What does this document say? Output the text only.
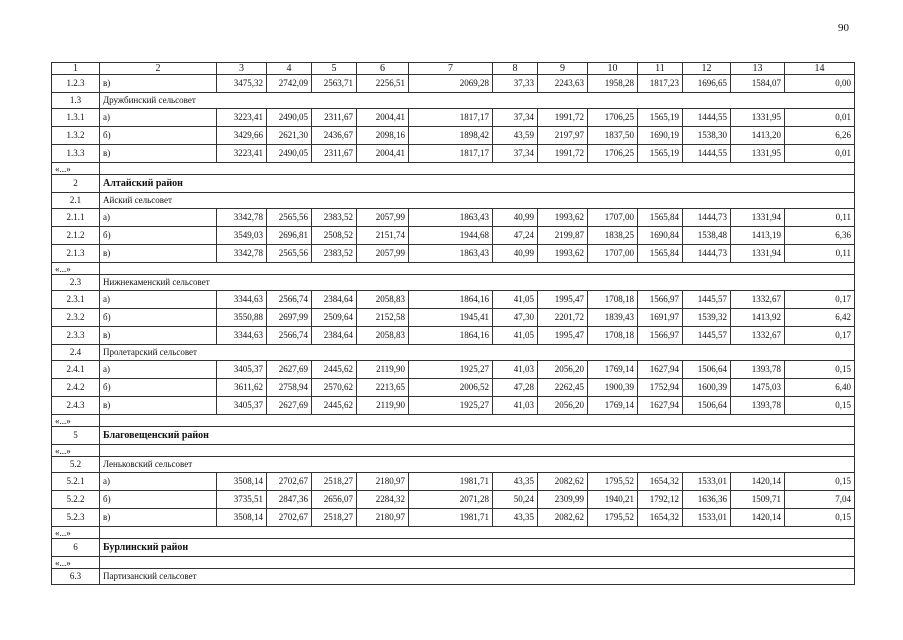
90
1	2	3	4	5	6	7	8	9	10	11	12	13	14
1.2.3	в)	3475,32	2742,09	2563,71	2256,51	2069,28	37,33	2243,63	1958,28	1817,23	1696,65	1584,07	0,00
1.3	Дружбинский сельсовет												
1.3.1	а)	3223,41	2490,05	2311,67	2004,41	1817,17	37,34	1991,72	1706,25	1565,19	1444,55	1331,95	0,01
1.3.2	б)	3429,66	2621,30	2436,67	2098,16	1898,42	43,59	2197,97	1837,50	1690,19	1538,30	1413,20	6,26
1.3.3	в)	3223,41	2490,05	2311,67	2004,41	1817,17	37,34	1991,72	1706,25	1565,19	1444,55	1331,95	0,01
«...»													
2	Алтайский район												
2.1	Айский сельсовет												
2.1.1	а)	3342,78	2565,56	2383,52	2057,99	1863,43	40,99	1993,62	1707,00	1565,84	1444,73	1331,94	0,11
2.1.2	б)	3549,03	2696,81	2508,52	2151,74	1944,68	47,24	2199,87	1838,25	1690,84	1538,48	1413,19	6,36
2.1.3	в)	3342,78	2565,56	2383,52	2057,99	1863,43	40,99	1993,62	1707,00	1565,84	1444,73	1331,94	0,11
«...»													
2.3	Нижнекаменский сельсовет												
2.3.1	а)	3344,63	2566,74	2384,64	2058,83	1864,16	41,05	1995,47	1708,18	1566,97	1445,57	1332,67	0,17
2.3.2	б)	3550,88	2697,99	2509,64	2152,58	1945,41	47,30	2201,72	1839,43	1691,97	1539,32	1413,92	6,42
2.3.3	в)	3344,63	2566,74	2384,64	2058,83	1864,16	41,05	1995,47	1708,18	1566,97	1445,57	1332,67	0,17
2.4	Пролетарский сельсовет												
2.4.1	а)	3405,37	2627,69	2445,62	2119,90	1925,27	41,03	2056,20	1769,14	1627,94	1506,64	1393,78	0,15
2.4.2	б)	3611,62	2758,94	2570,62	2213,65	2006,52	47,28	2262,45	1900,39	1752,94	1600,39	1475,03	6,40
2.4.3	в)	3405,37	2627,69	2445,62	2119,90	1925,27	41,03	2056,20	1769,14	1627,94	1506,64	1393,78	0,15
«...»													
5	Благовещенский район												
«...»													
5.2	Леньковский сельсовет												
5.2.1	а)	3508,14	2702,67	2518,27	2180,97	1981,71	43,35	2082,62	1795,52	1654,32	1533,01	1420,14	0,15
5.2.2	б)	3735,51	2847,36	2656,07	2284,32	2071,28	50,24	2309,99	1940,21	1792,12	1636,36	1509,71	7,04
5.2.3	в)	3508,14	2702,67	2518,27	2180,97	1981,71	43,35	2082,62	1795,52	1654,32	1533,01	1420,14	0,15
«...»													
6	Бурлинский район												
«...»													
6.3	Партизанский сельсовет												
